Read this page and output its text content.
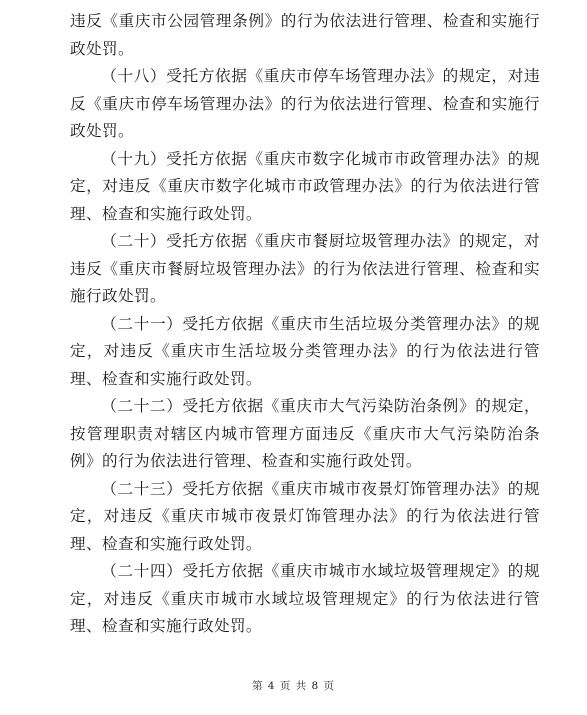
违反《重庆市公园管理条例》的行为依法进行管理、检查和实施行政处罚。

（十八）受托方依据《重庆市停车场管理办法》的规定，对违反《重庆市停车场管理办法》的行为依法进行管理、检查和实施行政处罚。

（十九）受托方依据《重庆市数字化城市市政管理办法》的规定，对违反《重庆市数字化城市市政管理办法》的行为依法进行管理、检查和实施行政处罚。

（二十）受托方依据《重庆市餐厨垃圾管理办法》的规定，对违反《重庆市餐厨垃圾管理办法》的行为依法进行管理、检查和实施行政处罚。

（二十一）受托方依据《重庆市生活垃圾分类管理办法》的规定，对违反《重庆市生活垃圾分类管理办法》的行为依法进行管理、检查和实施行政处罚。

（二十二）受托方依据《重庆市大气污染防治条例》的规定，按管理职责对辖区内城市管理方面违反《重庆市大气污染防治条例》的行为依法进行管理、检查和实施行政处罚。

（二十三）受托方依据《重庆市城市夜景灯饰管理办法》的规定，对违反《重庆市城市夜景灯饰管理办法》的行为依法进行管理、检查和实施行政处罚。

（二十四）受托方依据《重庆市城市水域垃圾管理规定》的规定，对违反《重庆市城市水域垃圾管理规定》的行为依法进行管理、检查和实施行政处罚。

第 4 页 共 8 页
